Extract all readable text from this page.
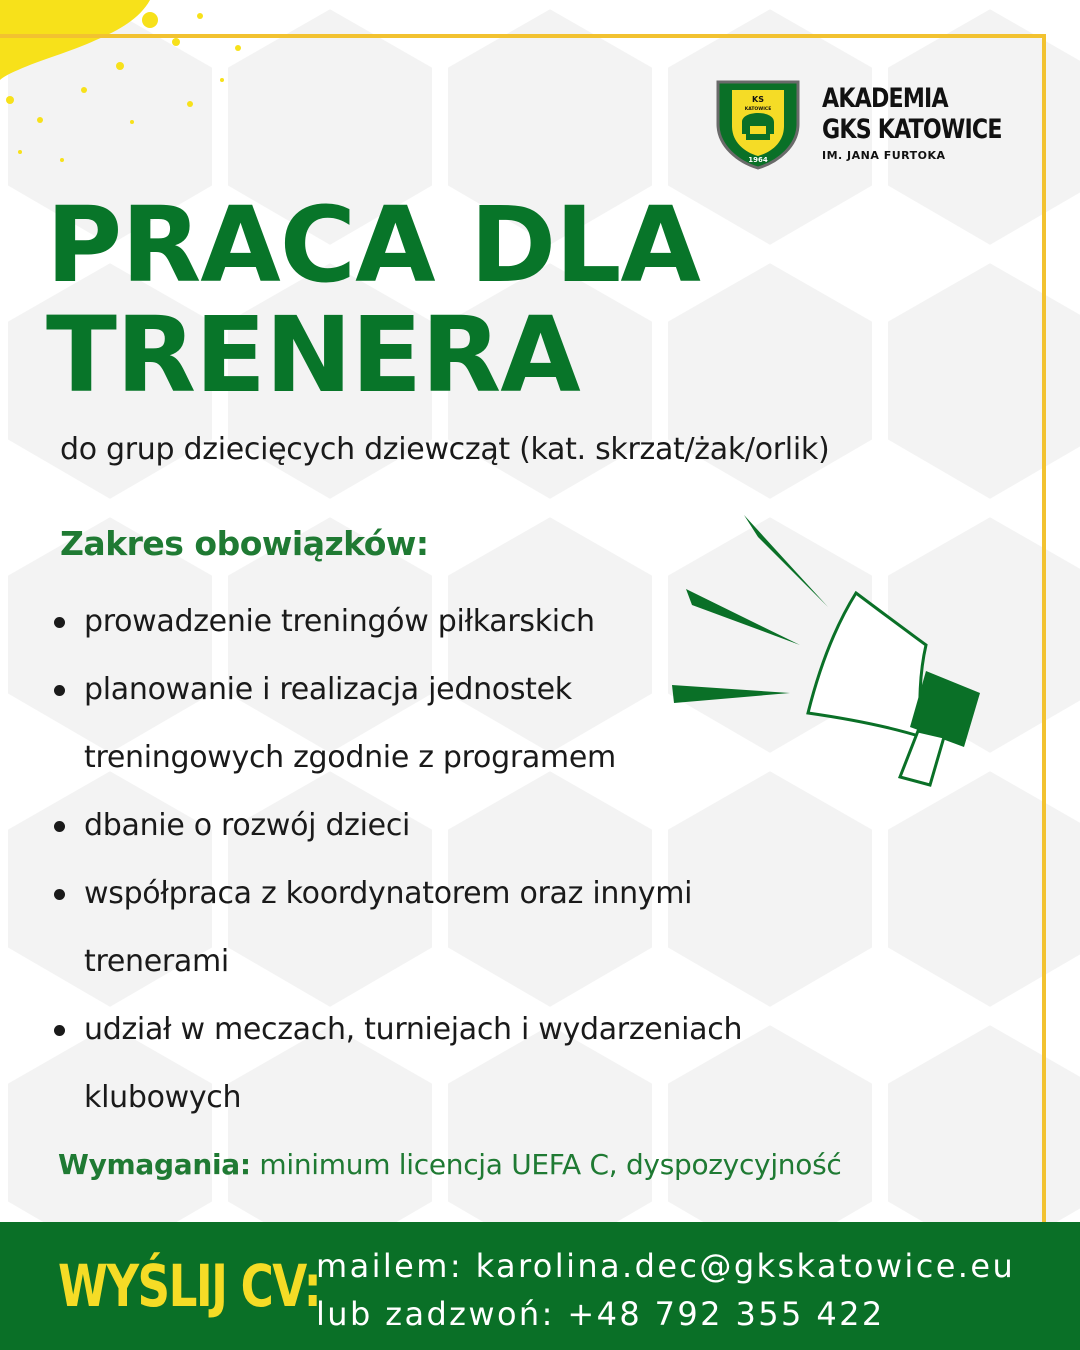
KS
KATOWICE
1964
AKADEMIA
GKS KATOWICE
IM. JANA FURTOKA
PRACA DLA
TRENERA
do grup dziecięcych dziewcząt (kat. skrzat/żak/orlik)
Zakres obowiązków:
prowadzenie treningów piłkarskich
planowanie i realizacja jednostek treningowych zgodnie z programem
dbanie o rozwój dzieci
współpraca z koordynatorem oraz innymi trenerami
udział w meczach, turniejach i wydarzeniach klubowych
Wymagania: minimum licencja UEFA C, dyspozycyjność
WYŚLIJ CV:
mailem: karolina.dec@gkskatowice.eu
lub zadzwoń: +48 792 355 422
